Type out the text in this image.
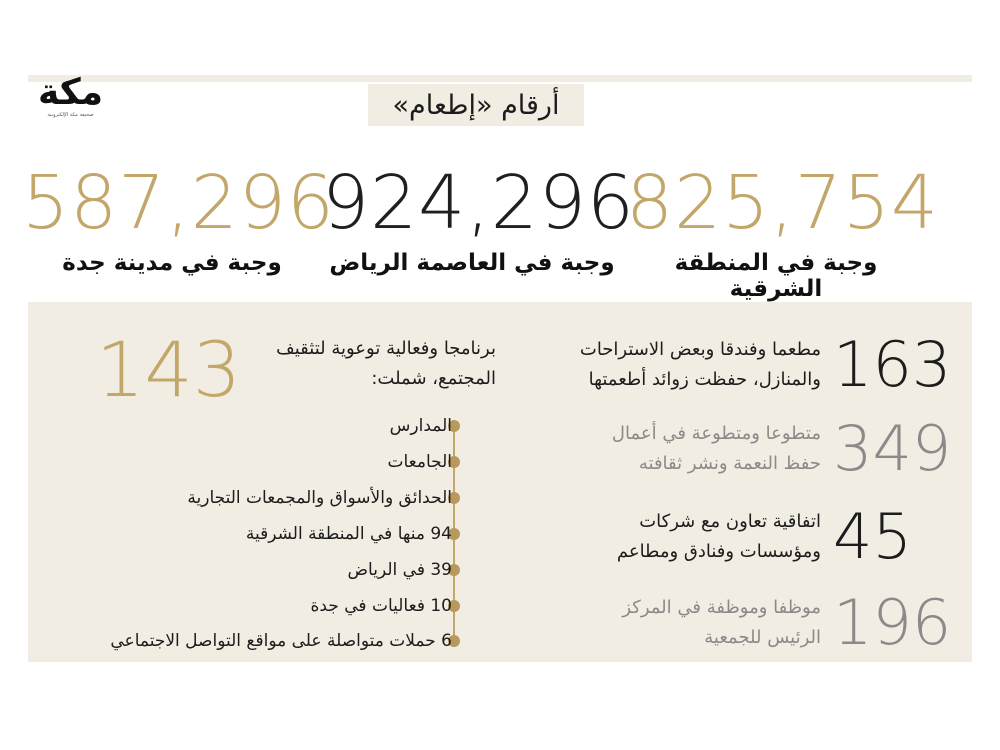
مكة
صحيفة مكة الإلكترونية	أرقام «إطعام»
587,296
وجبة في مدينة جدة
924,296
وجبة في العاصمة الرياض
825,754
وجبة في المنطقة الشرقية
مطعما وفندقا وبعض الاستراحات
والمنازل، حفظت زوائد أطعمتها 163
متطوعا ومتطوعة في أعمال
حفظ النعمة ونشر ثقافته 349
اتفاقية تعاون مع شركات
ومؤسسات وفنادق ومطاعم 45
موظفا وموظفة في المركز
الرئيس للجمعية 196
143	برنامجا وفعالية توعوية لتثقيف
المجتمع، شملت:
المدارس
الجامعات
الحدائق والأسواق والمجمعات التجارية
94 منها في المنطقة الشرقية
39 في الرياض
10 فعاليات في جدة
6 حملات متواصلة على مواقع التواصل الاجتماعي
